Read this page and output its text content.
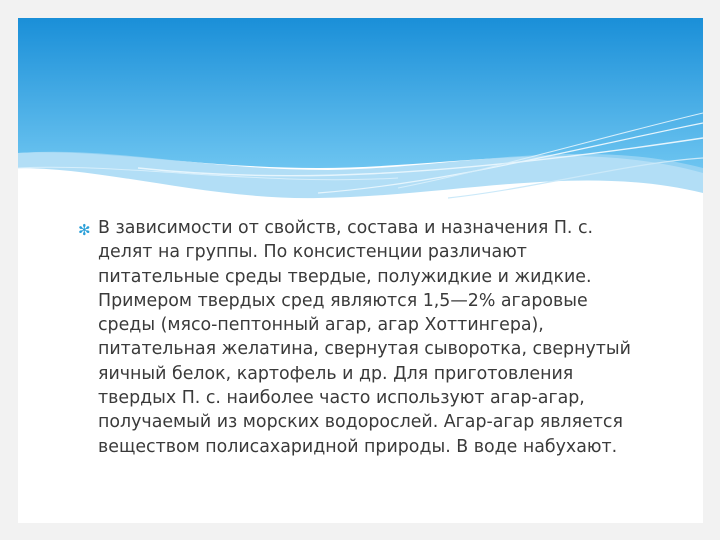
✻ В зависимости от свойств, состава и назначения П. с.
делят на группы. По консистенции различают
питательные среды твердые, полужидкие и жидкие.
Примером твердых сред являются 1,5—2% агаровые
среды (мясо-пептонный агар, агар Хоттингера),
питательная желатина, свернутая сыворотка, свернутый
яичный белок, картофель и др. Для приготовления
твердых П. с. наиболее часто используют агар-агар,
получаемый из морских водорослей. Агар-агар является
веществом полисахаридной природы. В воде набухают.
